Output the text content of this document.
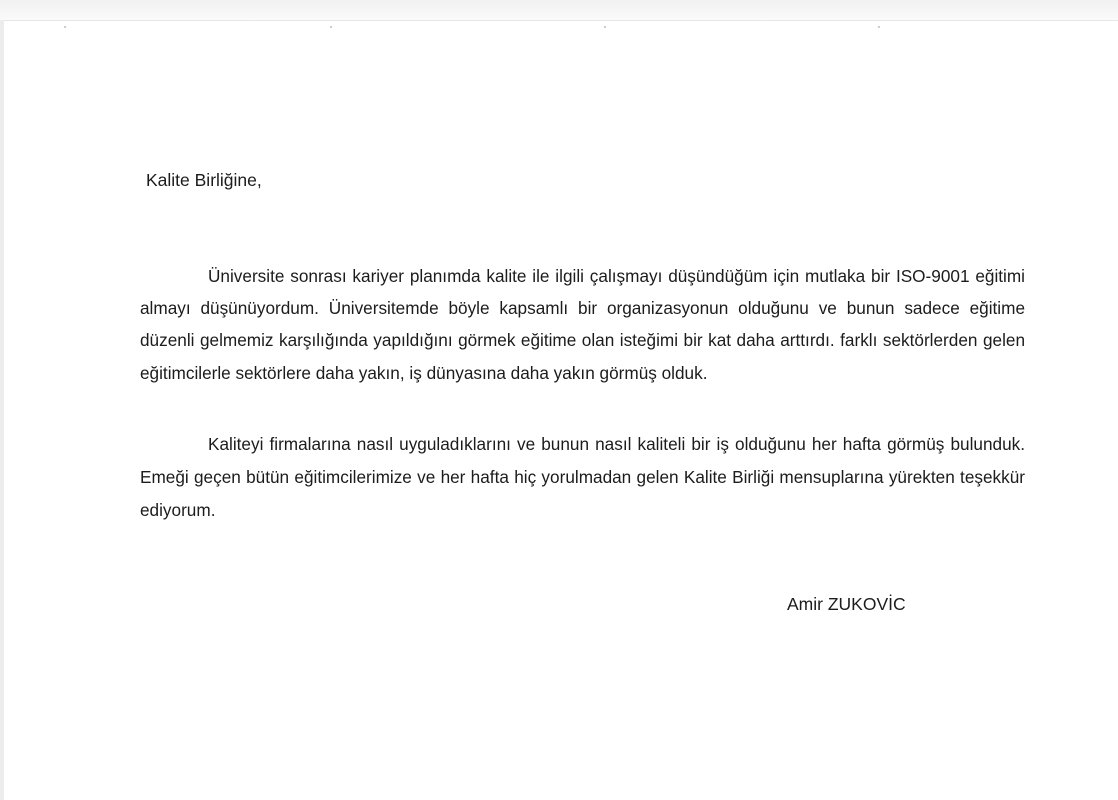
Kalite Birliğine,

Üniversite sonrası kariyer planımda kalite ile ilgili çalışmayı düşündüğüm için mutlaka bir ISO-9001 eğitimi almayı düşünüyordum. Üniversitemde böyle kapsamlı bir organizasyonun olduğunu ve bunun sadece eğitime düzenli gelmemiz karşılığında yapıldığını görmek eğitime olan isteğimi bir kat daha arttırdı. farklı sektörlerden gelen eğitimcilerle sektörlere daha yakın, iş dünyasına daha yakın görmüş olduk.

Kaliteyi firmalarına nasıl uyguladıklarını ve bunun nasıl kaliteli bir iş olduğunu her hafta görmüş bulunduk. Emeği geçen bütün eğitimcilerimize ve her hafta hiç yorulmadan gelen Kalite Birliği mensuplarına yürekten teşekkür ediyorum.

Amir ZUKOVİC
